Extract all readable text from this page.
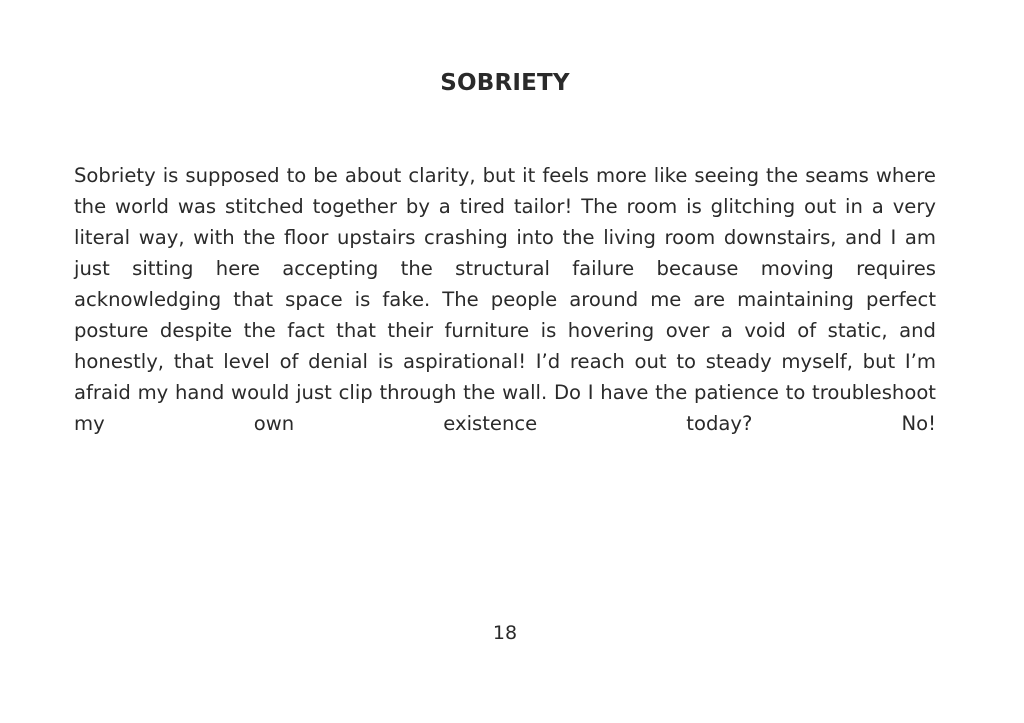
SOBRIETY

Sobriety is supposed to be about clarity, but it feels more like seeing the seams where the world was stitched together by a tired tailor! The room is glitching out in a very literal way, with the floor upstairs crashing into the living room downstairs, and I am just sitting here accepting the structural failure because moving requires acknowledging that space is fake. The people around me are maintaining perfect posture despite the fact that their furniture is hovering over a void of static, and honestly, that level of denial is aspirational! I’d reach out to steady myself, but I’m afraid my hand would just clip through the wall. Do I have the patience to troubleshoot my own existence today? No!

18
